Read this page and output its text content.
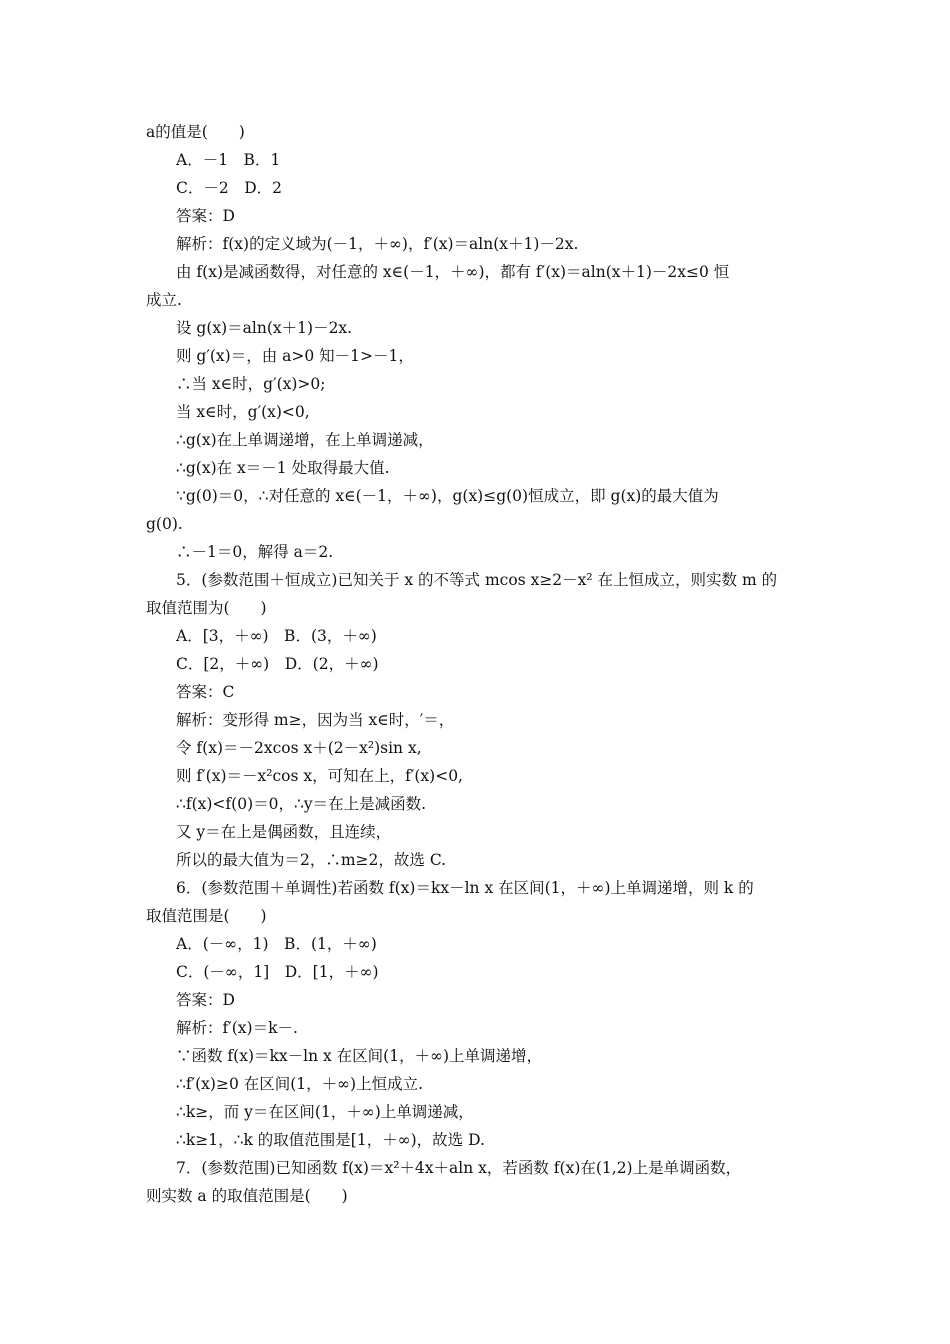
a的值是(　　)
A．－1　B．1
C．－2　D．2
答案：D
解析：f(x)的定义域为(－1，＋∞)，f′(x)＝aln(x＋1)－2x.
由 f(x)是减函数得，对任意的 x∈(－1，＋∞)，都有 f′(x)＝aln(x＋1)－2x≤0 恒
成立.
设 g(x)＝aln(x＋1)－2x.
则 g′(x)＝，由 a>0 知－1>－1，
∴当 x∈时，g′(x)>0;
当 x∈时，g′(x)<0,
∴g(x)在上单调递增，在上单调递减，
∴g(x)在 x＝－1 处取得最大值.
∵g(0)＝0，∴对任意的 x∈(－1，＋∞)，g(x)≤g(0)恒成立，即 g(x)的最大值为
g(0).
∴－1＝0，解得 a＝2.
5．(参数范围＋恒成立)已知关于 x 的不等式 mcos x≥2－x² 在上恒成立，则实数 m 的
取值范围为(　　)
A．[3，＋∞)　B．(3，＋∞)
C．[2，＋∞)　D．(2，＋∞)
答案：C
解析：变形得 m≥，因为当 x∈时，′＝，
令 f(x)＝－2xcos x＋(2－x²)sin x,
则 f′(x)＝－x²cos x，可知在上，f′(x)<0,
∴f(x)<f(0)＝0，∴y＝在上是减函数.
又 y＝在上是偶函数，且连续，
所以的最大值为＝2，∴m≥2，故选 C.
6．(参数范围＋单调性)若函数 f(x)＝kx－ln x 在区间(1，＋∞)上单调递增，则 k 的
取值范围是(　　)
A．(－∞，1)　B．(1，＋∞)
C．(－∞，1]　D．[1，＋∞)
答案：D
解析：f′(x)＝k－.
∵函数 f(x)＝kx－ln x 在区间(1，＋∞)上单调递增，
∴f′(x)≥0 在区间(1，＋∞)上恒成立.
∴k≥，而 y＝在区间(1，＋∞)上单调递减，
∴k≥1，∴k 的取值范围是[1，＋∞)，故选 D.
7．(参数范围)已知函数 f(x)＝x²＋4x＋aln x，若函数 f(x)在(1,2)上是单调函数，
则实数 a 的取值范围是(　　)
